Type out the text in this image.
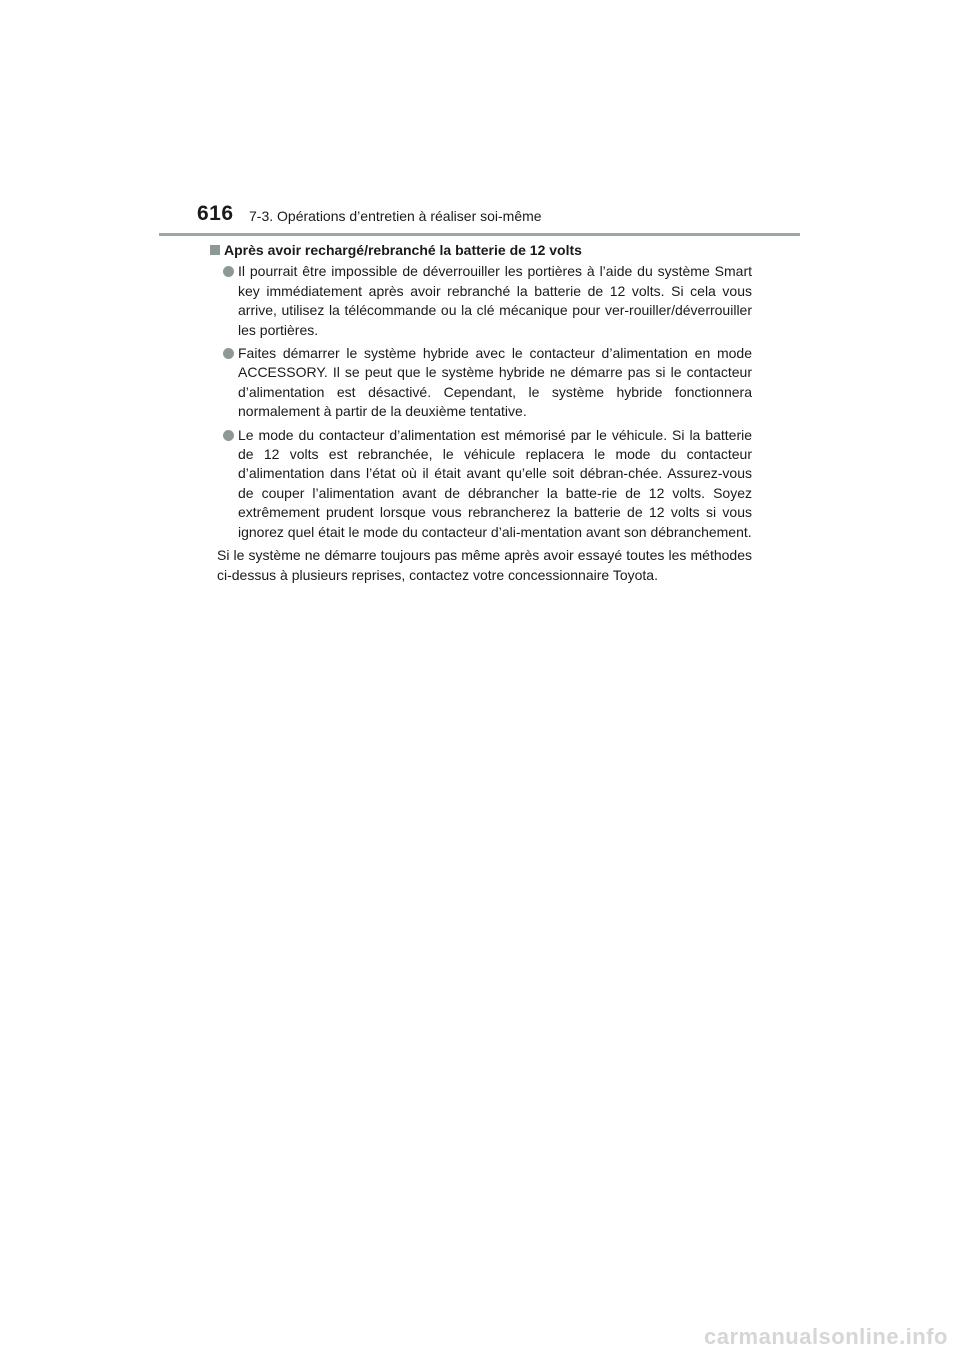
616 7-3. Opérations d’entretien à réaliser soi-même
Après avoir rechargé/rebranché la batterie de 12 volts
Il pourrait être impossible de déverrouiller les portières à l’aide du système Smart key immédiatement après avoir rebranché la batterie de 12 volts. Si cela vous arrive, utilisez la télécommande ou la clé mécanique pour ver-rouiller/déverrouiller les portières.
Faites démarrer le système hybride avec le contacteur d’alimentation en mode ACCESSORY. Il se peut que le système hybride ne démarre pas si le contacteur d’alimentation est désactivé. Cependant, le système hybride fonctionnera normalement à partir de la deuxième tentative.
Le mode du contacteur d’alimentation est mémorisé par le véhicule. Si la batterie de 12 volts est rebranchée, le véhicule replacera le mode du contacteur d’alimentation dans l’état où il était avant qu’elle soit débran-chée. Assurez-vous de couper l’alimentation avant de débrancher la batte-rie de 12 volts. Soyez extrêmement prudent lorsque vous rebrancherez la batterie de 12 volts si vous ignorez quel était le mode du contacteur d’ali-mentation avant son débranchement.
Si le système ne démarre toujours pas même après avoir essayé toutes les méthodes ci-dessus à plusieurs reprises, contactez votre concessionnaire Toyota.
carmanualsonline.info
